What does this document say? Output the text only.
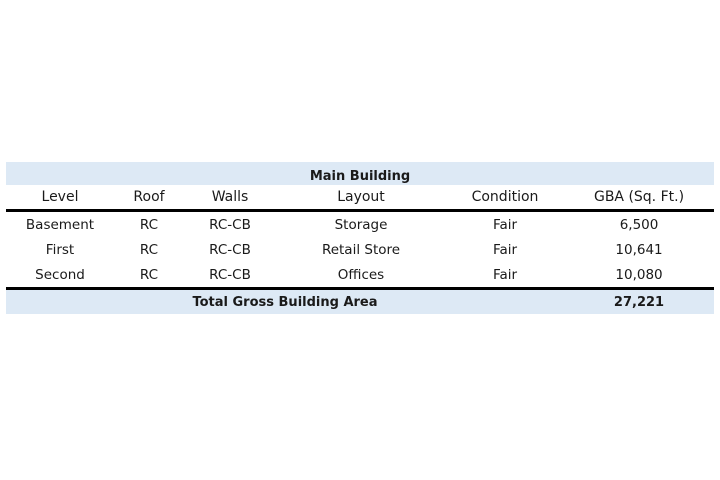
Main Building					
Level	Roof	Walls	Layout	Condition	GBA (Sq. Ft.)
Basement	RC	RC-CB	Storage	Fair	6,500
First	RC	RC-CB	Retail Store	Fair	10,641
Second	RC	RC-CB	Offices	Fair	10,080
Total Gross Building Area					27,221
